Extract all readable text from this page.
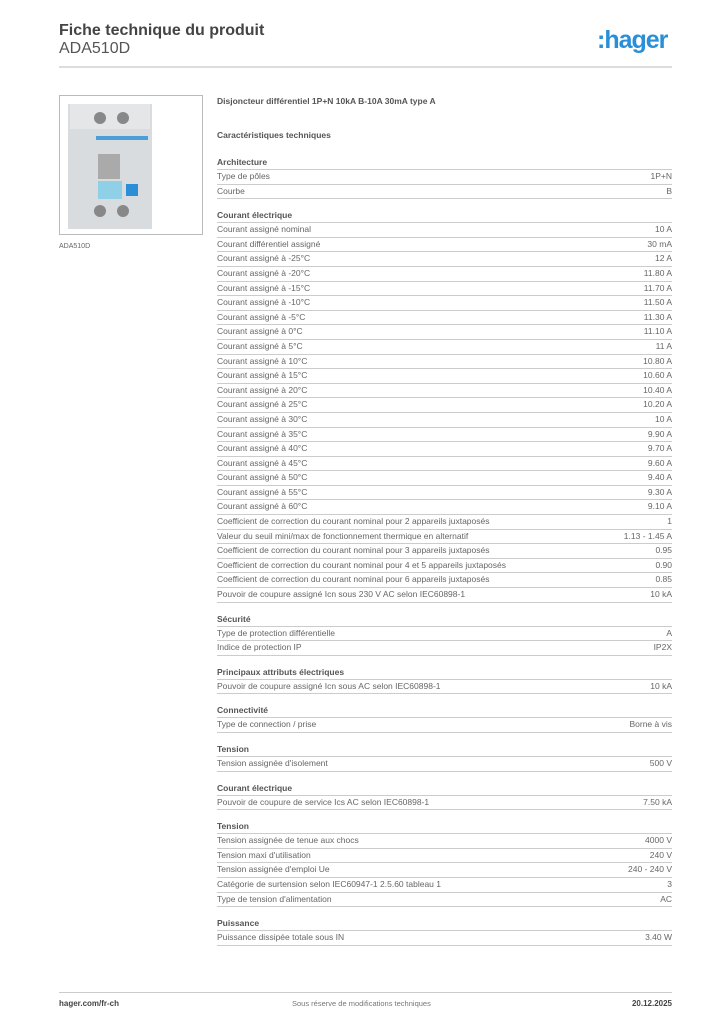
Fiche technique du produit
ADA510D	:hager
ADA510D
Disjoncteur différentiel 1P+N 10kA B-10A 30mA type A
Caractéristiques techniques
Architecture
Type de pôles	1P+N
Courbe	B
Courant électrique
Courant assigné nominal	10 A
Courant différentiel assigné	30 mA
Courant assigné à -25°C	12 A
Courant assigné à -20°C	11.80 A
Courant assigné à -15°C	11.70 A
Courant assigné à -10°C	11.50 A
Courant assigné à -5°C	11.30 A
Courant assigné à 0°C	11.10 A
Courant assigné à 5°C	11 A
Courant assigné à 10°C	10.80 A
Courant assigné à 15°C	10.60 A
Courant assigné à 20°C	10.40 A
Courant assigné à 25°C	10.20 A
Courant assigné à 30°C	10 A
Courant assigné à 35°C	9.90 A
Courant assigné à 40°C	9.70 A
Courant assigné à 45°C	9.60 A
Courant assigné à 50°C	9.40 A
Courant assigné à 55°C	9.30 A
Courant assigné à 60°C	9.10 A
Coefficient de correction du courant nominal pour 2 appareils juxtaposés	1
Valeur du seuil mini/max de fonctionnement thermique en alternatif	1.13 - 1.45 A
Coefficient de correction du courant nominal pour 3 appareils juxtaposés	0.95
Coefficient de correction du courant nominal pour 4 et 5 appareils juxtaposés	0.90
Coefficient de correction du courant nominal pour 6 appareils juxtaposés	0.85
Pouvoir de coupure assigné Icn sous 230 V AC selon IEC60898-1	10 kA
Sécurité
Type de protection différentielle	A
Indice de protection IP	IP2X
Principaux attributs électriques
Pouvoir de coupure assigné Icn sous AC selon IEC60898-1	10 kA
Connectivité
Type de connection / prise	Borne à vis
Tension
Tension assignée d'isolement	500 V
Courant électrique
Pouvoir de coupure de service Ics AC selon IEC60898-1	7.50 kA
Tension
Tension assignée de tenue aux chocs	4000 V
Tension maxi d'utilisation	240 V
Tension assignée d'emploi Ue	240 - 240 V
Catégorie de surtension selon IEC60947-1 2.5.60 tableau 1	3
Type de tension d'alimentation	AC
Puissance
Puissance dissipée totale sous IN	3.40 W
hager.com/fr-ch	Sous réserve de modifications techniques	20.12.2025
